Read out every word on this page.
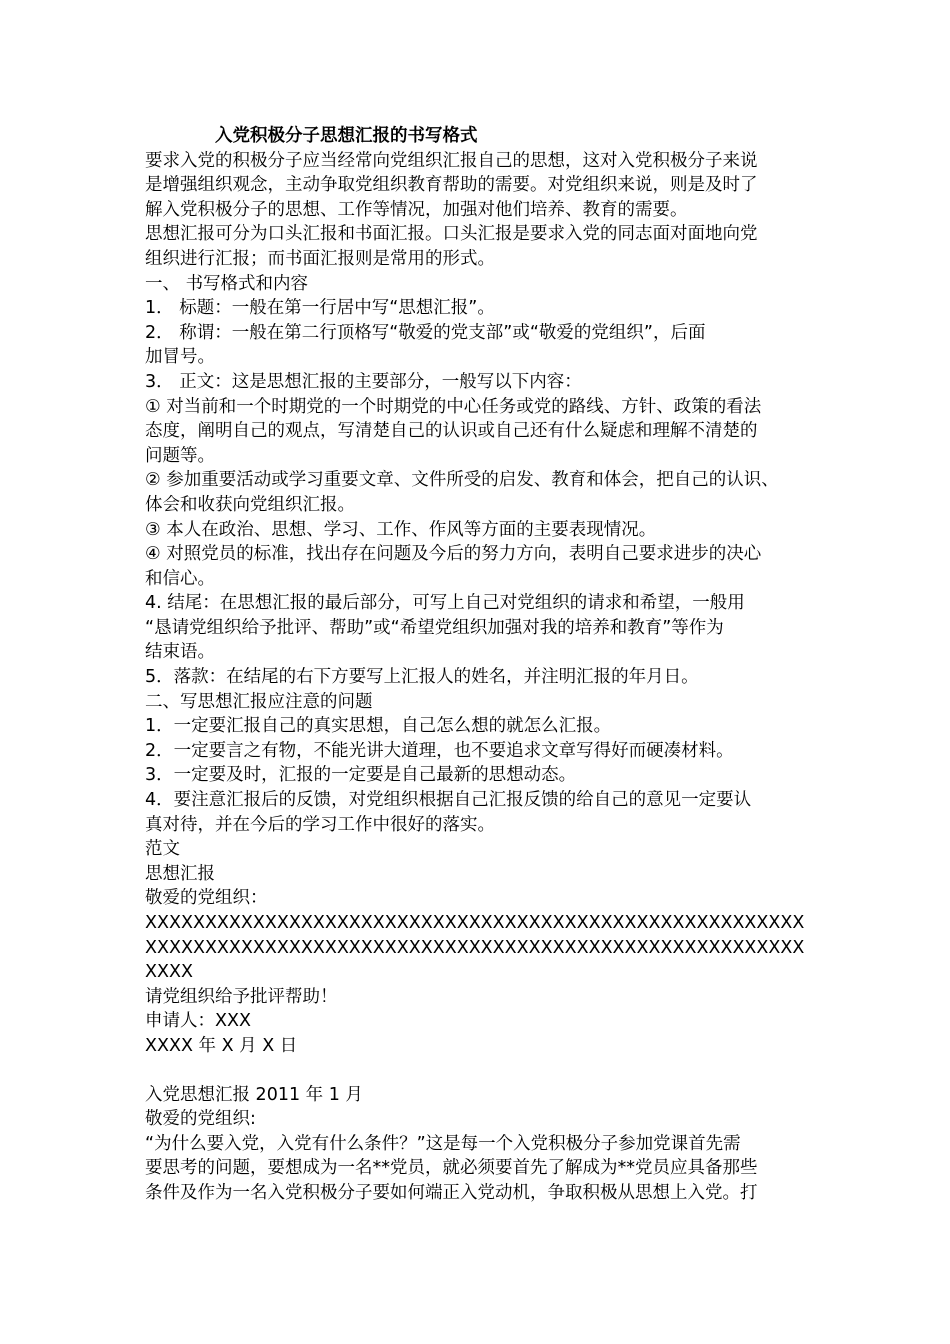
入党积极分子思想汇报的书写格式
要求入党的积极分子应当经常向党组织汇报自己的思想，这对入党积极分子来说
是增强组织观念，主动争取党组织教育帮助的需要。对党组织来说，则是及时了
解入党积极分子的思想、工作等情况，加强对他们培养、教育的需要。
思想汇报可分为口头汇报和书面汇报。口头汇报是要求入党的同志面对面地向党
组织进行汇报；而书面汇报则是常用的形式。
一、 书写格式和内容
1． 标题：一般在第一行居中写“思想汇报”。
2． 称谓：一般在第二行顶格写“敬爱的党支部”或“敬爱的党组织”，后面
加冒号。
3． 正文：这是思想汇报的主要部分，一般写以下内容：
① 对当前和一个时期党的一个时期党的中心任务或党的路线、方针、政策的看法
态度，阐明自己的观点，写清楚自己的认识或自己还有什么疑虑和理解不清楚的
问题等。
② 参加重要活动或学习重要文章、文件所受的启发、教育和体会，把自己的认识、
体会和收获向党组织汇报。
③ 本人在政治、思想、学习、工作、作风等方面的主要表现情况。
④ 对照党员的标准，找出存在问题及今后的努力方向，表明自己要求进步的决心
和信心。
4. 结尾：在思想汇报的最后部分，可写上自己对党组织的请求和希望，一般用
“恳请党组织给予批评、帮助”或“希望党组织加强对我的培养和教育”等作为
结束语。
5．落款：在结尾的右下方要写上汇报人的姓名，并注明汇报的年月日。
二、写思想汇报应注意的问题
1．一定要汇报自己的真实思想，自己怎么想的就怎么汇报。
2．一定要言之有物，不能光讲大道理，也不要追求文章写得好而硬凑材料。
3．一定要及时，汇报的一定要是自己最新的思想动态。
4．要注意汇报后的反馈，对党组织根据自己汇报反馈的给自己的意见一定要认
真对待，并在今后的学习工作中很好的落实。
范文
思想汇报
敬爱的党组织：
XXXXXXXXXXXXXXXXXXXXXXXXXXXXXXXXXXXXXXXXXXXXXXXXXXXXXXX
XXXXXXXXXXXXXXXXXXXXXXXXXXXXXXXXXXXXXXXXXXXXXXXXXXXXXXX
XXXX
请党组织给予批评帮助！
申请人：XXX
XXXX 年 X 月 X 日
入党思想汇报 2011 年 1 月
敬爱的党组织:
“为什么要入党，入党有什么条件？”这是每一个入党积极分子参加党课首先需
要思考的问题，要想成为一名**党员，就必须要首先了解成为**党员应具备那些
条件及作为一名入党积极分子要如何端正入党动机，争取积极从思想上入党。打
